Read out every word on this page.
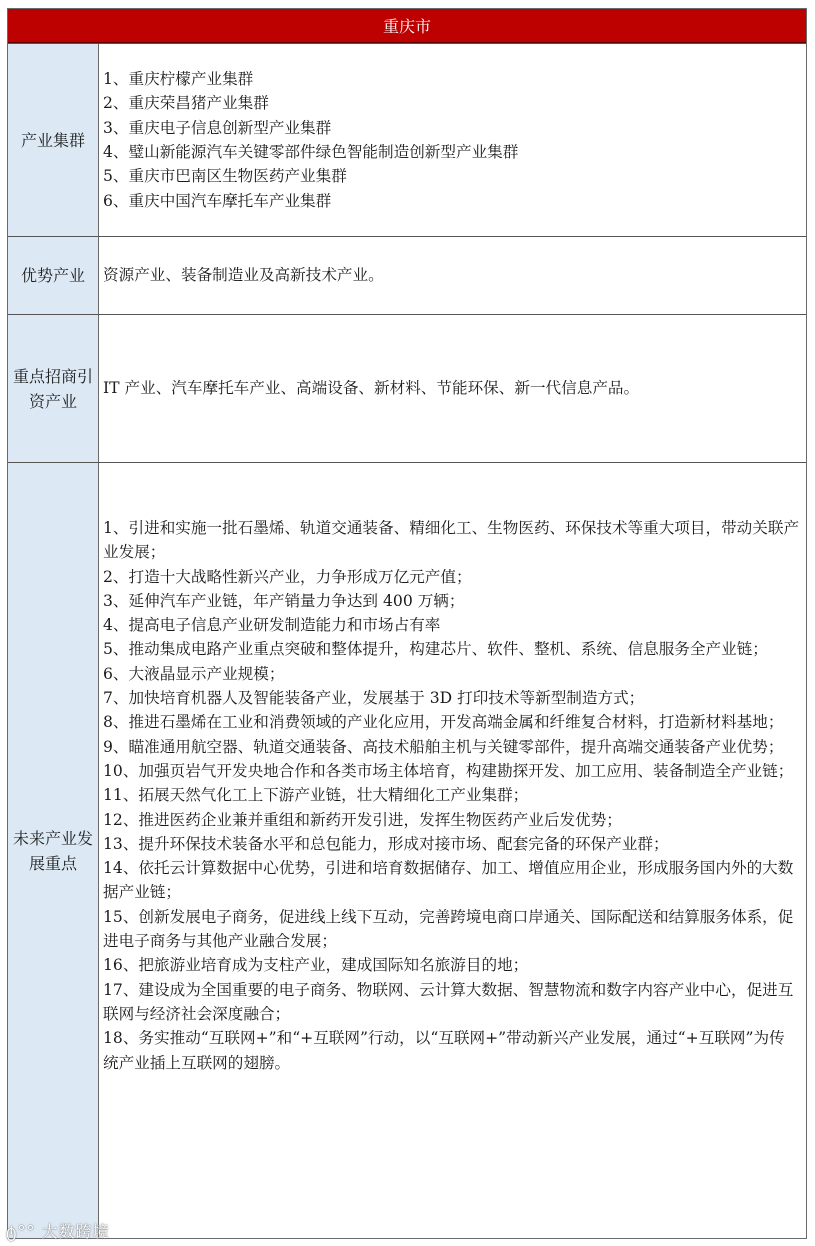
重庆市
产业集群
1、重庆柠檬产业集群
2、重庆荣昌猪产业集群
3、重庆电子信息创新型产业集群
4、璧山新能源汽车关键零部件绿色智能制造创新型产业集群
5、重庆市巴南区生物医药产业集群
6、重庆中国汽车摩托车产业集群
优势产业	资源产业、装备制造业及高新技术产业。
重点招商引资产业
IT 产业、汽车摩托车产业、高端设备、新材料、节能环保、新一代信息产品。
未来产业发展重点
1、引进和实施一批石墨烯、轨道交通装备、精细化工、生物医药、环保技术等重大项目，带动关联产业发展；
2、打造十大战略性新兴产业，力争形成万亿元产值；
3、延伸汽车产业链，年产销量力争达到 400 万辆；
4、提高电子信息产业研发制造能力和市场占有率
5、推动集成电路产业重点突破和整体提升，构建芯片、软件、整机、系统、信息服务全产业链；
6、大液晶显示产业规模；
7、加快培育机器人及智能装备产业，发展基于 3D 打印技术等新型制造方式；
8、推进石墨烯在工业和消费领域的产业化应用，开发高端金属和纤维复合材料，打造新材料基地；
9、瞄准通用航空器、轨道交通装备、高技术船舶主机与关键零部件，提升高端交通装备产业优势；
10、加强页岩气开发央地合作和各类市场主体培育，构建勘探开发、加工应用、装备制造全产业链；
11、拓展天然气化工上下游产业链，壮大精细化工产业集群；
12、推进医药企业兼并重组和新药开发引进，发挥生物医药产业后发优势；
13、提升环保技术装备水平和总包能力，形成对接市场、配套完备的环保产业群；
14、依托云计算数据中心优势，引进和培育数据储存、加工、增值应用企业，形成服务国内外的大数据产业链；
15、创新发展电子商务，促进线上线下互动，完善跨境电商口岸通关、国际配送和结算服务体系，促进电子商务与其他产业融合发展；
16、把旅游业培育成为支柱产业，建成国际知名旅游目的地；
17、建设成为全国重要的电子商务、物联网、云计算大数据、智慧物流和数字内容产业中心，促进互联网与经济社会深度融合；
18、务实推动“互联网+”和“+互联网”行动，以“互联网+”带动新兴产业发展，通过“+互联网”为传统产业插上互联网的翅膀。
ტ°° 大数跨境
